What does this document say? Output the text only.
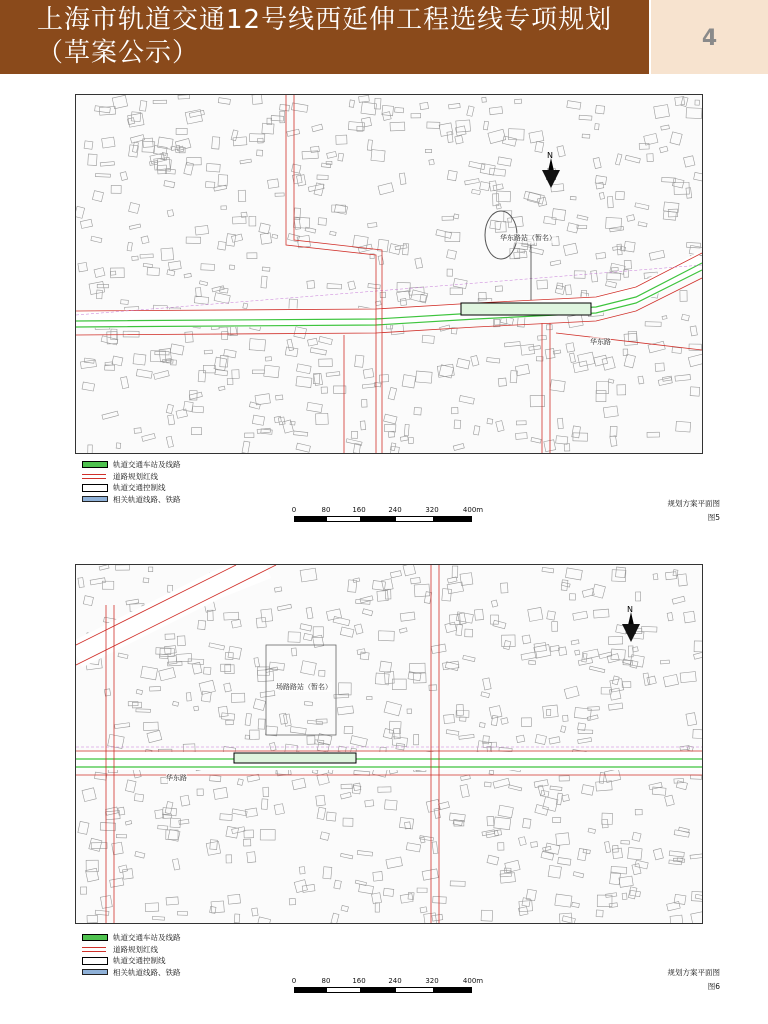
上海市轨道交通12号线西延伸工程选线专项规划（草案公示）	4
华东路站（暂名）
华东路
N
轨道交通车站及线路
道路规划红线
轨道交通控制线
相关轨道线路、铁路
0	80	160	240	320	400m
规划方案平面图
图5
场路路站（暂名）
华东路
N
轨道交通车站及线路
道路规划红线
轨道交通控制线
相关轨道线路、铁路
0	80	160	240	320	400m
规划方案平面图
图6
